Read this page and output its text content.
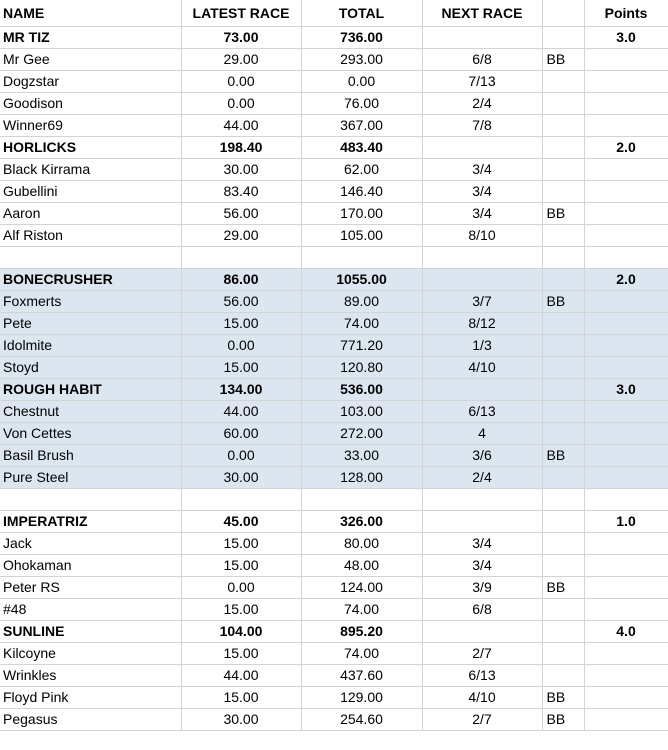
NAME	LATEST RACE	TOTAL	NEXT RACE		Points
MR TIZ	73.00	736.00			3.0
Mr Gee	29.00	293.00	6/8	BB	
Dogzstar	0.00	0.00	7/13		
Goodison	0.00	76.00	2/4		
Winner69	44.00	367.00	7/8		
HORLICKS	198.40	483.40			2.0
Black Kirrama	30.00	62.00	3/4		
Gubellini	83.40	146.40	3/4		
Aaron	56.00	170.00	3/4	BB	
Alf Riston	29.00	105.00	8/10		

BONECRUSHER	86.00	1055.00			2.0
Foxmerts	56.00	89.00	3/7	BB	
Pete	15.00	74.00	8/12		
Idolmite	0.00	771.20	1/3		
Stoyd	15.00	120.80	4/10		
ROUGH HABIT	134.00	536.00			3.0
Chestnut	44.00	103.00	6/13		
Von Cettes	60.00	272.00	4		
Basil Brush	0.00	33.00	3/6	BB	
Pure Steel	30.00	128.00	2/4		

IMPERATRIZ	45.00	326.00			1.0
Jack	15.00	80.00	3/4		
Ohokaman	15.00	48.00	3/4		
Peter RS	0.00	124.00	3/9	BB	
#48	15.00	74.00	6/8		
SUNLINE	104.00	895.20			4.0
Kilcoyne	15.00	74.00	2/7		
Wrinkles	44.00	437.60	6/13		
Floyd Pink	15.00	129.00	4/10	BB	
Pegasus	30.00	254.60	2/7	BB	
